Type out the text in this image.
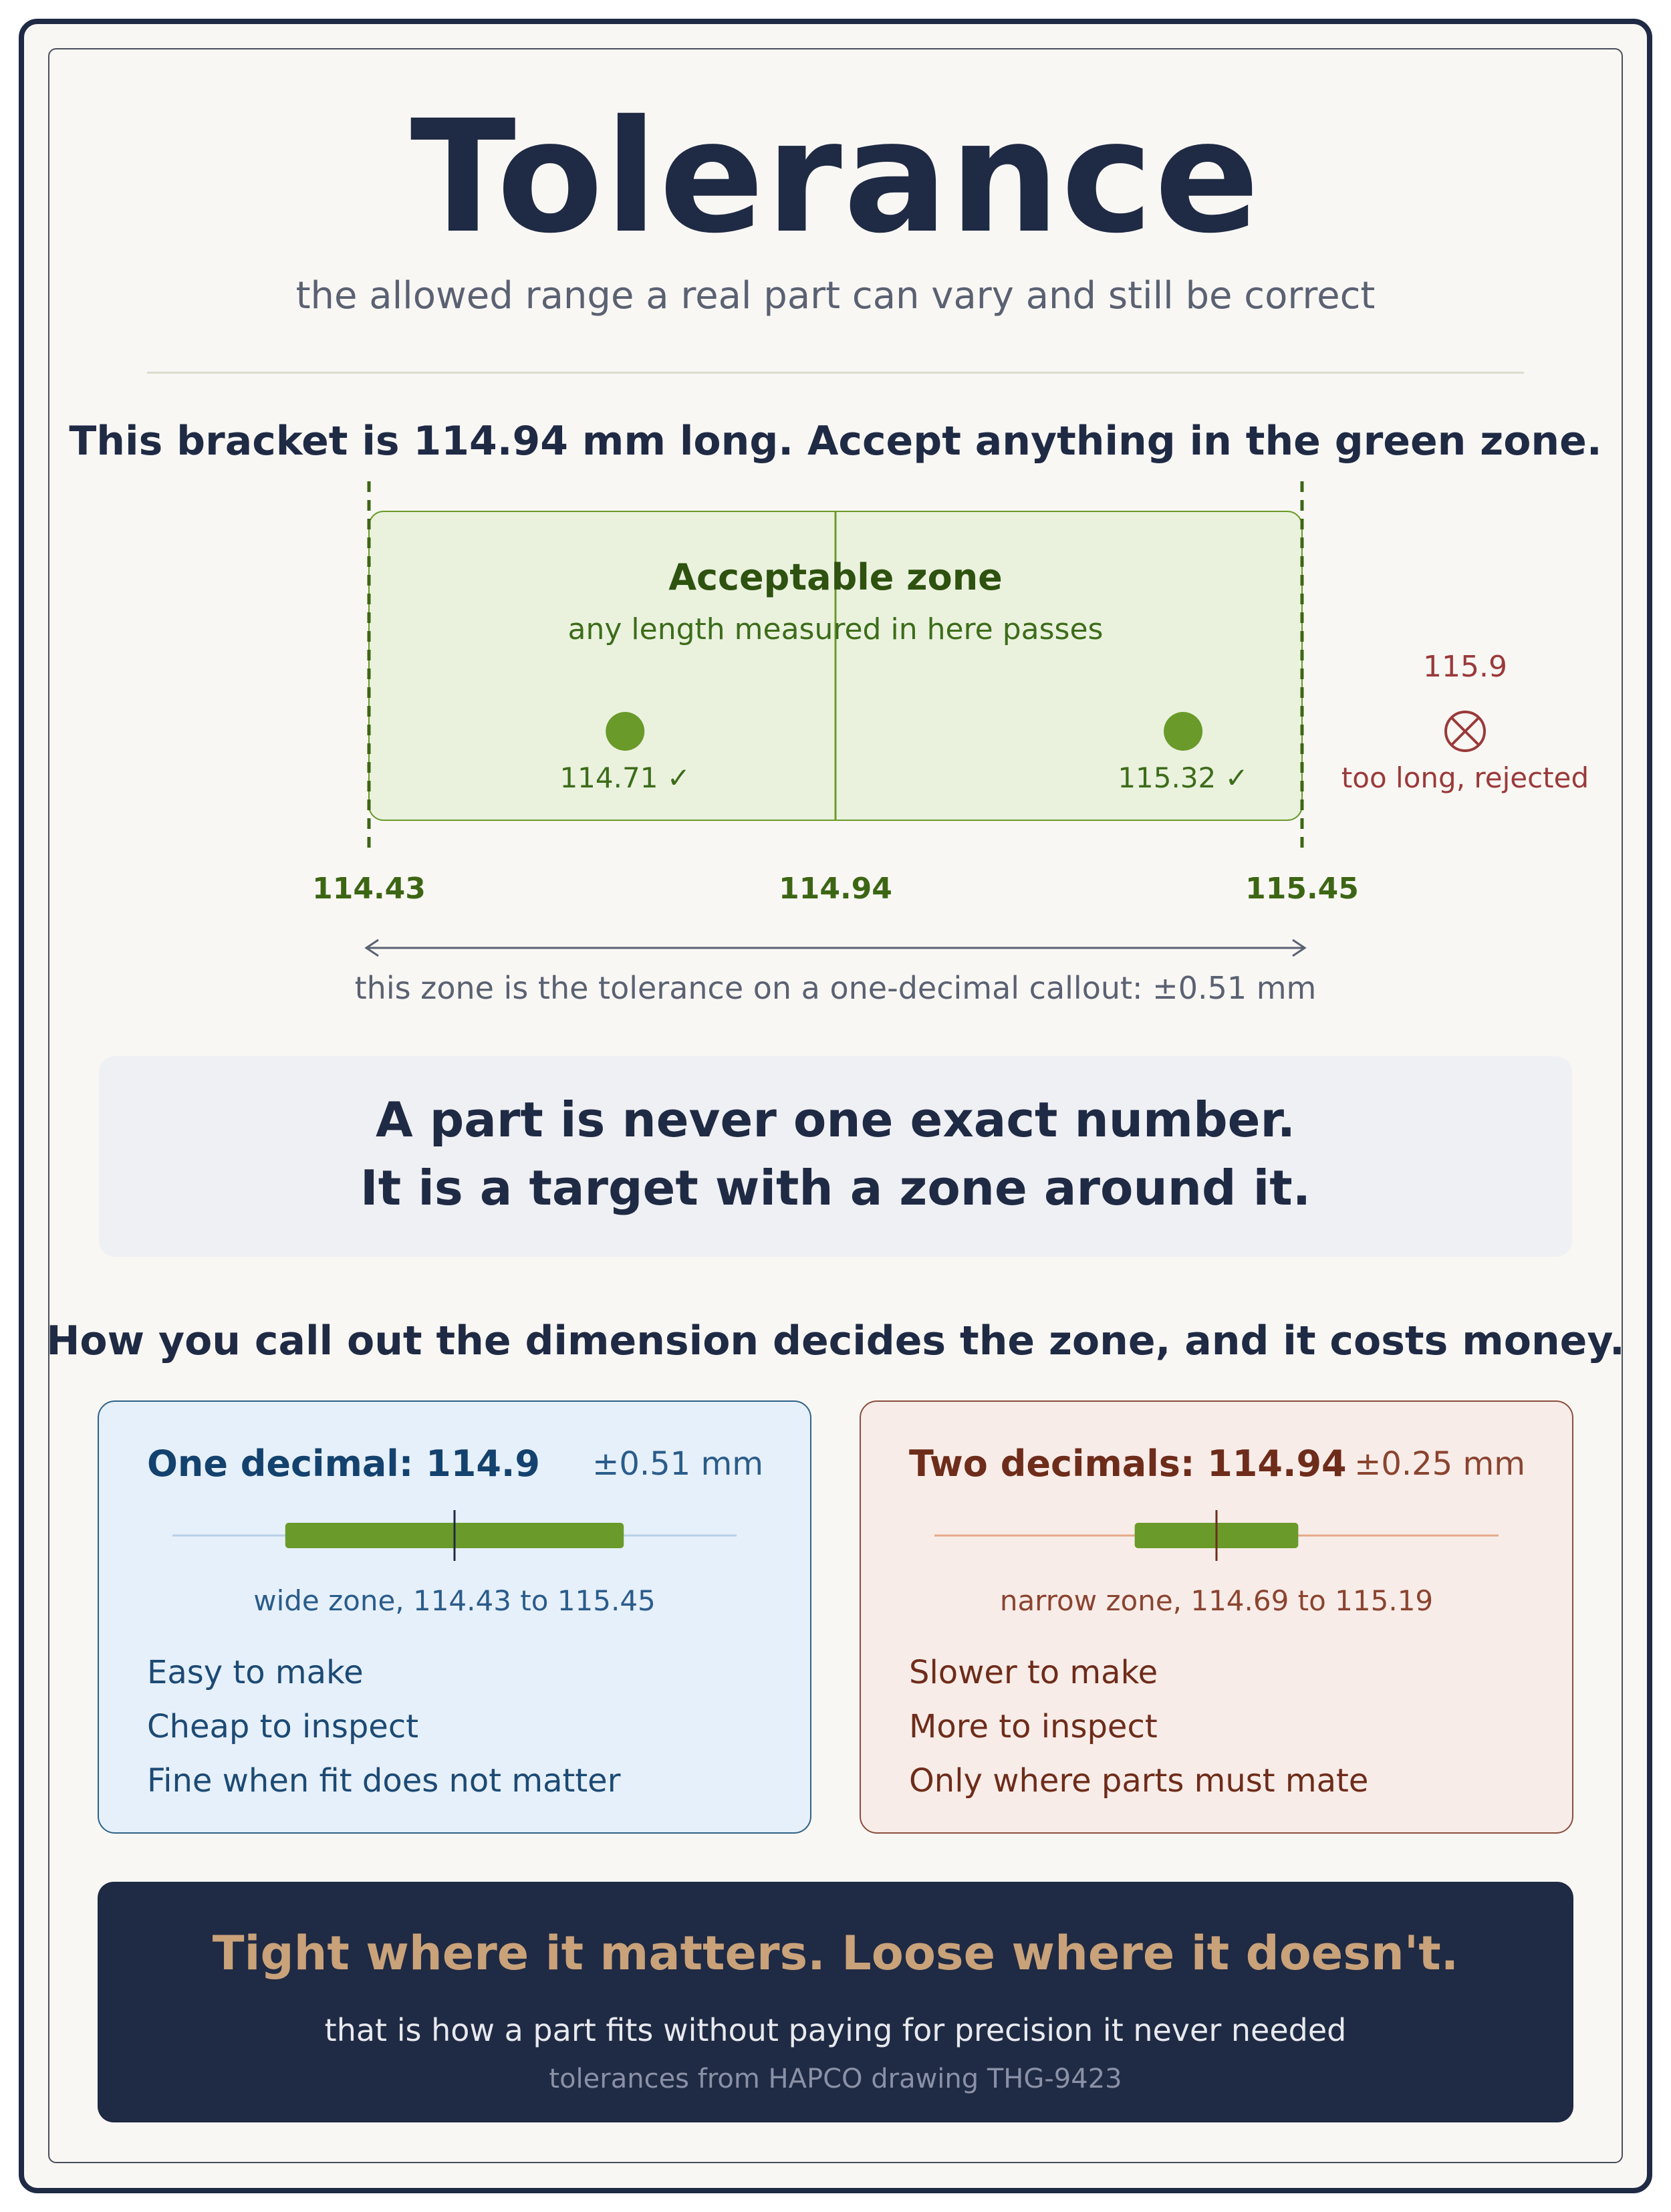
Tolerance
the allowed range a real part can vary and still be correct
This bracket is 114.94 mm long. Accept anything in the green zone.
Acceptable zone
any length measured in here passes
114.71 ✓	115.32 ✓
115.9
too long, rejected
114.43	114.94	115.45
this zone is the tolerance on a one-decimal callout: ±0.51 mm
A part is never one exact number.
It is a target with a zone around it.
How you call out the dimension decides the zone, and it costs money.
One decimal: 114.9 ±0.51 mm
wide zone, 114.43 to 115.45
Easy to make
Cheap to inspect
Fine when fit does not matter
Two decimals: 114.94 ±0.25 mm
narrow zone, 114.69 to 115.19
Slower to make
More to inspect
Only where parts must mate
Tight where it matters. Loose where it doesn't.
that is how a part fits without paying for precision it never needed
tolerances from HAPCO drawing THG-9423
